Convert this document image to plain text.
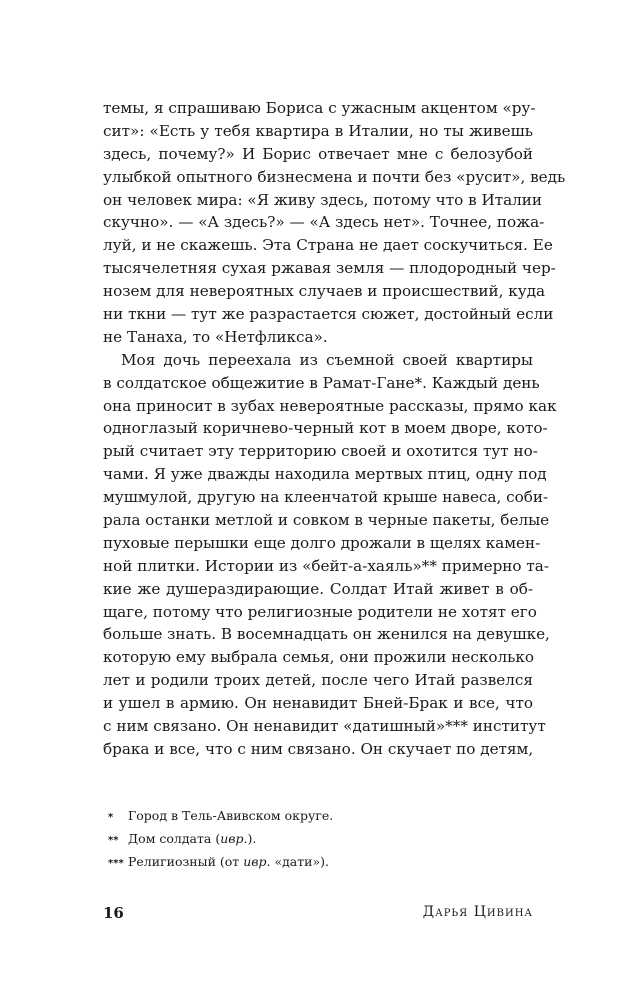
темы, я спрашиваю Бориса с ужасным акцентом «ру-
сит»: «Есть у тебя квартира в Италии, но ты живешь
здесь, почему?» И Борис отвечает мне с белозубой
улыбкой опытного бизнесмена и почти без «русит», ведь
он человек мира: «Я живу здесь, потому что в Италии
скучно». — «А здесь?» — «А здесь нет». Точнее, пожа-
луй, и не скажешь. Эта Страна не дает соскучиться. Ее
тысячелетняя сухая ржавая земля — плодородный чер-
нозем для невероятных случаев и происшествий, куда
ни ткни — тут же разрастается сюжет, достойный если
не Танаха, то «Нетфликса».
Моя дочь переехала из съемной своей квартиры
в солдатское общежитие в Рамат-Гане*. Каждый день
она приносит в зубах невероятные рассказы, прямо как
одноглазый коричнево-черный кот в моем дворе, кото-
рый считает эту территорию своей и охотится тут но-
чами. Я уже дважды находила мертвых птиц, одну под
мушмулой, другую на клеенчатой крыше навеса, соби-
рала останки метлой и совком в черные пакеты, белые
пуховые перышки еще долго дрожали в щелях камен-
ной плитки. Истории из «бейт-а-хаяль»** примерно та-
кие же душераздирающие. Солдат Итай живет в об-
щаге, потому что религиозные родители не хотят его
больше знать. В восемнадцать он женился на девушке,
которую ему выбрала семья, они прожили несколько
лет и родили троих детей, после чего Итай развелся
и ушел в армию. Он ненавидит Бней-Брак и все, что
с ним связано. Он ненавидит «датишный»*** институт
брака и все, что с ним связано. Он скучает по детям,
*	Город в Тель-Авивском округе.
** Дом солдата (ивр.).
*** Религиозный (от ивр. «дати»).
16	Дарья Цивина
